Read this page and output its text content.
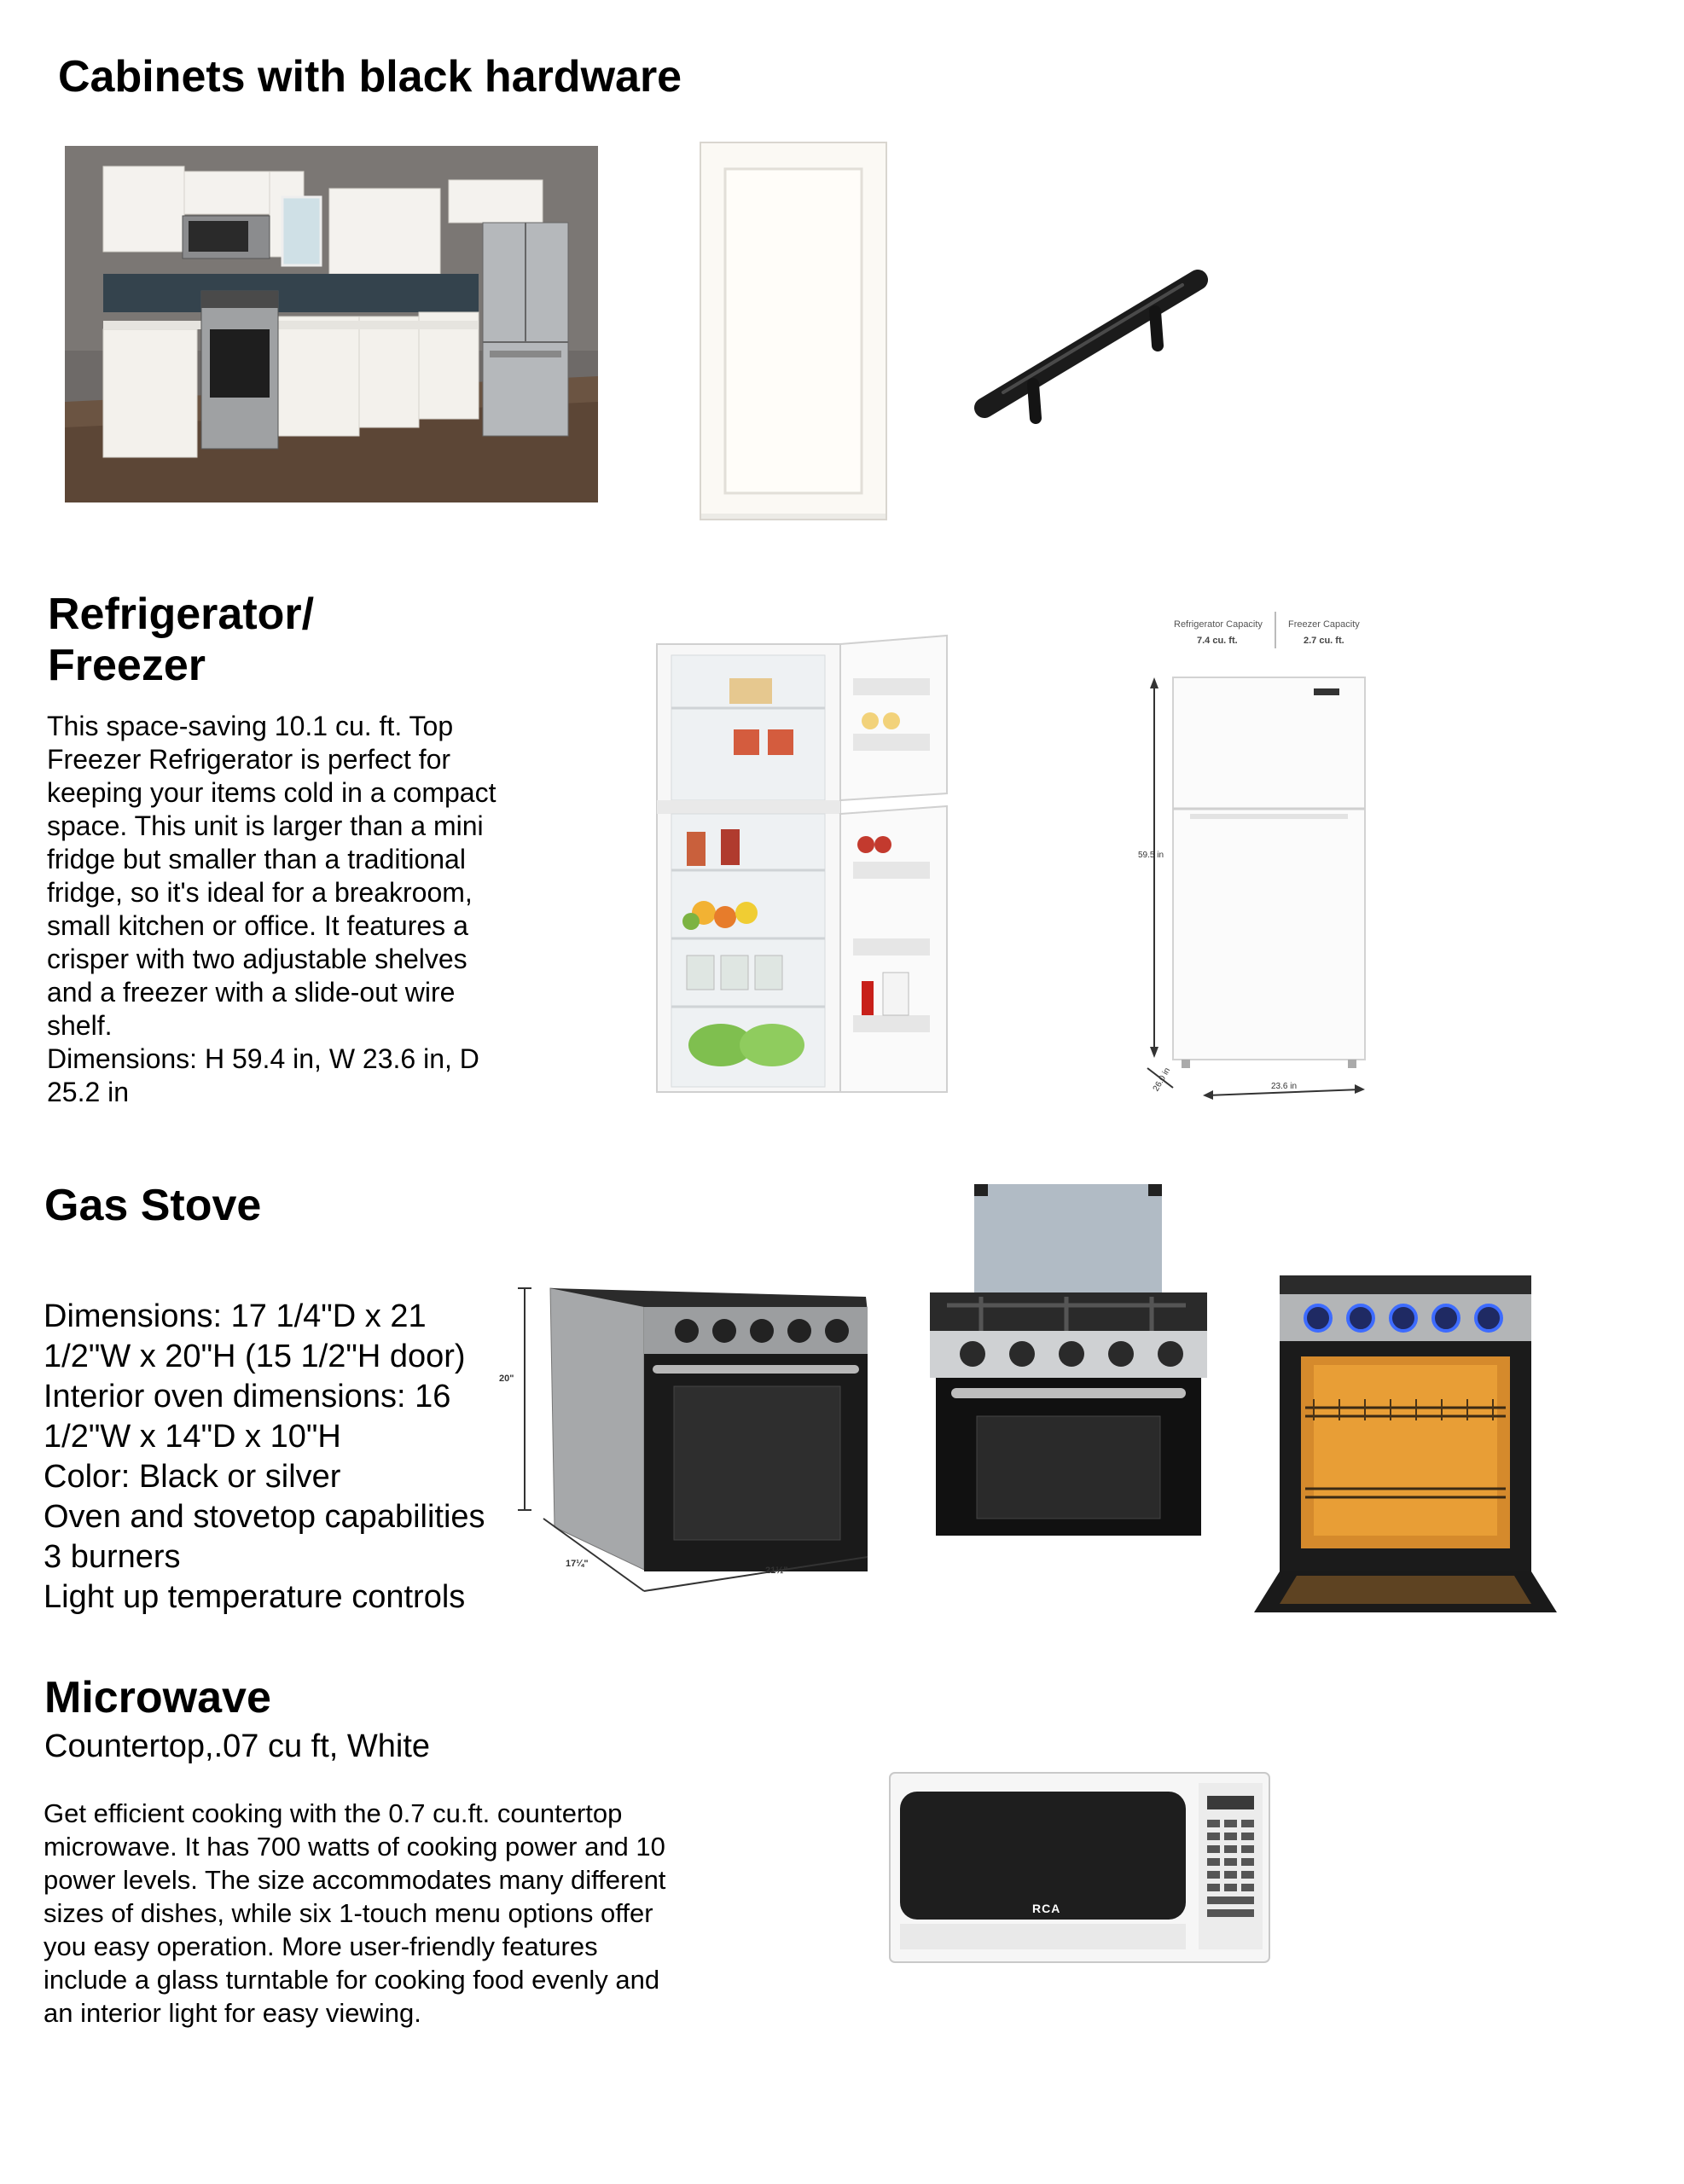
Cabinets with black hardware
Refrigerator/
Freezer
This space-saving 10.1 cu. ft. Top
Freezer Refrigerator is perfect for
keeping your items cold in a compact
space. This unit is larger than a mini
fridge but smaller than a traditional
fridge, so it's ideal for a breakroom,
small kitchen or office. It features a
crisper with two adjustable shelves
and a freezer with a slide-out wire
shelf.
Dimensions: H 59.4 in, W 23.6 in, D
25.2 in
Refrigerator Capacity
7.4 cu. ft.
Freezer Capacity
2.7 cu. ft.
59.5 in
26.0 in	23.6 in
Gas Stove
Dimensions: 17 1/4"D x 21
1/2"W x 20"H (15 1/2"H door)
Interior oven dimensions: 16
1/2"W x 14"D x 10"H
Color: Black or silver
Oven and stovetop capabilities
3 burners
Light up temperature controls
20"
17¼"
21½"
Microwave
Countertop,.07 cu ft, White
Get efficient cooking with the 0.7 cu.ft. countertop
microwave. It has 700 watts of cooking power and 10
power levels. The size accommodates many different
sizes of dishes, while six 1-touch menu options offer
you easy operation. More user-friendly features
include a glass turntable for cooking food evenly and
an interior light for easy viewing.
RCA
